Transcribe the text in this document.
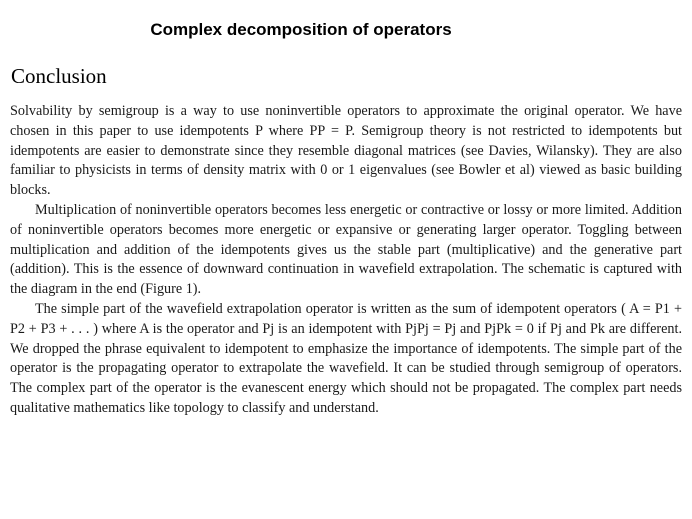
Complex decomposition of operators
Conclusion

Solvability by semigroup is a way to use noninvertible operators to approximate the original operator. We have chosen in this paper to use idempotents P where PP = P. Semigroup theory is not restricted to idempotents but idempotents are easier to demonstrate since they resemble diagonal matrices (see Davies, Wilansky). They are also familiar to physicists in terms of density matrix with 0 or 1 eigenvalues (see Bowler et al) viewed as basic building blocks.

Multiplication of noninvertible operators becomes less energetic or contractive or lossy or more limited. Addition of noninvertible operators becomes more energetic or expansive or generating larger operator. Toggling between multiplication and addition of the idempotents gives us the stable part (multiplicative) and the generative part (addition). This is the essence of downward continuation in wavefield extrapolation. The schematic is captured with the diagram in the end (Figure 1).

The simple part of the wavefield extrapolation operator is written as the sum of idempotent operators ( A = P1 + P2 + P3 + . . . ) where A is the operator and Pj is an idempotent with PjPj = Pj and PjPk = 0 if Pj and Pk are different. We dropped the phrase equivalent to idempotent to emphasize the importance of idempotents. The simple part of the operator is the propagating operator to extrapolate the wavefield. It can be studied through semigroup of operators. The complex part of the operator is the evanescent energy which should not be propagated. The complex part needs qualitative mathematics like topology to classify and understand.
